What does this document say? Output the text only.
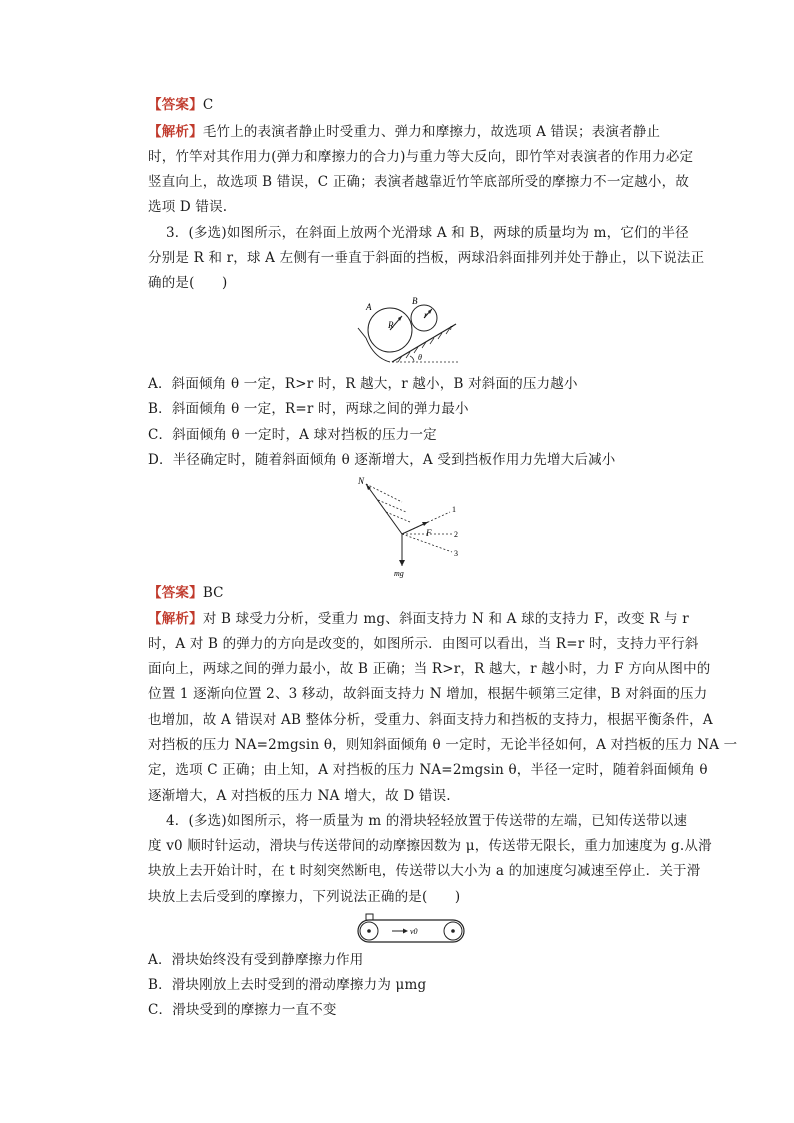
【答案】C
【解析】毛竹上的表演者静止时受重力、弹力和摩擦力，故选项 A 错误；表演者静止
时，竹竿对其作用力(弹力和摩擦力的合力)与重力等大反向，即竹竿对表演者的作用力必定
竖直向上，故选项 B 错误，C 正确；表演者越靠近竹竿底部所受的摩擦力不一定越小，故
选项 D 错误.
3．(多选)如图所示，在斜面上放两个光滑球 A 和 B，两球的质量均为 m，它们的半径
分别是 R 和 r，球 A 左侧有一垂直于斜面的挡板，两球沿斜面排列并处于静止，以下说法正
确的是(　　)
A
R
B
r
r
θ
A．斜面倾角 θ 一定，R>r 时，R 越大，r 越小，B 对斜面的压力越小
B．斜面倾角 θ 一定，R=r 时，两球之间的弹力最小
C．斜面倾角 θ 一定时，A 球对挡板的压力一定
D．半径确定时，随着斜面倾角 θ 逐渐增大，A 受到挡板作用力先增大后减小
N
F
mg
1
2
3
【答案】BC
【解析】对 B 球受力分析，受重力 mg、斜面支持力 N 和 A 球的支持力 F，改变 R 与 r
时，A 对 B 的弹力的方向是改变的，如图所示．由图可以看出，当 R=r 时，支持力平行斜
面向上，两球之间的弹力最小，故 B 正确；当 R>r，R 越大，r 越小时，力 F 方向从图中的
位置 1 逐渐向位置 2、3 移动，故斜面支持力 N 增加，根据牛顿第三定律，B 对斜面的压力
也增加，故 A 错误对 AB 整体分析，受重力、斜面支持力和挡板的支持力，根据平衡条件，A
对挡板的压力 NA=2mgsin θ，则知斜面倾角 θ 一定时，无论半径如何，A 对挡板的压力 NA 一
定，选项 C 正确；由上知，A 对挡板的压力 NA=2mgsin θ，半径一定时，随着斜面倾角 θ
逐渐增大，A 对挡板的压力 NA 增大，故 D 错误.
4．(多选)如图所示，将一质量为 m 的滑块轻轻放置于传送带的左端，已知传送带以速
度 v0 顺时针运动，滑块与传送带间的动摩擦因数为 μ，传送带无限长，重力加速度为 g.从滑
块放上去开始计时，在 t 时刻突然断电，传送带以大小为 a 的加速度匀减速至停止．关于滑
块放上去后受到的摩擦力，下列说法正确的是(　　)
v0
A．滑块始终没有受到静摩擦力作用
B．滑块刚放上去时受到的滑动摩擦力为 μmg
C．滑块受到的摩擦力一直不变
